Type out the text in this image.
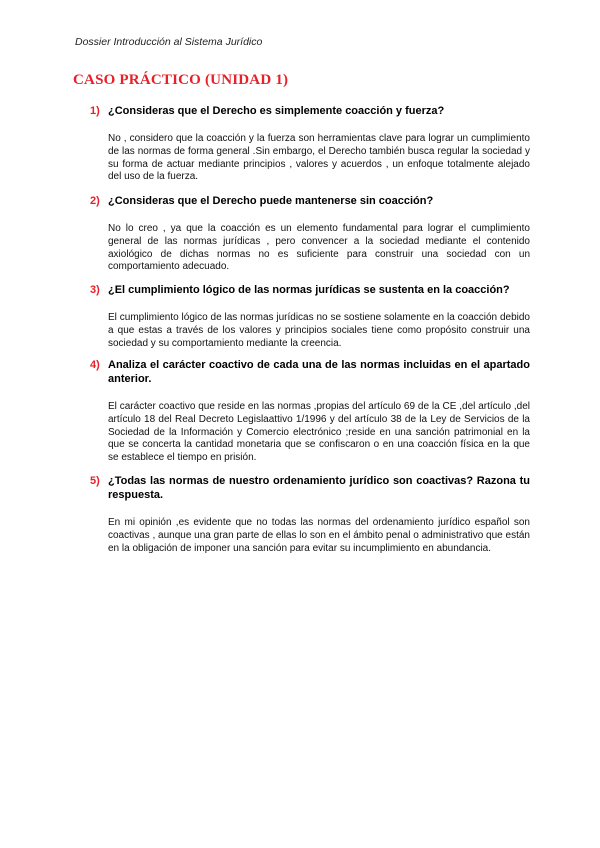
Dossier Introducción al Sistema Jurídico
CASO PRÁCTICO (UNIDAD 1)
1) ¿Consideras que el Derecho es simplemente coacción y fuerza?
No , considero que la coacción y la fuerza son herramientas clave para lograr un cumplimiento de las normas de forma general .Sin embargo, el Derecho también busca regular la sociedad y su forma de actuar mediante principios , valores y acuerdos , un enfoque totalmente alejado del uso de la fuerza.
2) ¿Consideras que el Derecho puede mantenerse sin coacción?
No lo creo , ya que la coacción es un elemento fundamental para lograr el cumplimiento general de las normas jurídicas , pero convencer a la sociedad mediante el contenido axiológico de dichas normas no es suficiente para construir una sociedad con un comportamiento adecuado.
3) ¿El cumplimiento lógico de las normas jurídicas se sustenta en la coacción?
El cumplimiento lógico de las normas jurídicas no se sostiene solamente en la coacción debido a que estas a través de los valores y principios sociales tiene como propósito construir una sociedad y su comportamiento mediante la creencia.
4) Analiza el carácter coactivo de cada una de las normas incluidas en el apartado anterior.
El carácter coactivo que reside en las normas ,propias del artículo 69 de la CE ,del artículo ,del artículo 18 del Real Decreto Legislaattivo 1/1996 y del artículo 38 de la Ley de Servicios de la Sociedad de la Información y Comercio electrónico ;reside en una sanción patrimonial en la que se concerta la cantidad monetaria que se confiscaron o en una coacción física en la que se establece el tiempo en prisión.
5) ¿Todas las normas de nuestro ordenamiento jurídico son coactivas? Razona tu respuesta.
En mi opinión ,es evidente que no todas las normas del ordenamiento jurídico español son coactivas , aunque una gran parte de ellas lo son en el ámbito penal o administrativo que están en la obligación de imponer una sanción para evitar su incumplimiento en abundancia.
